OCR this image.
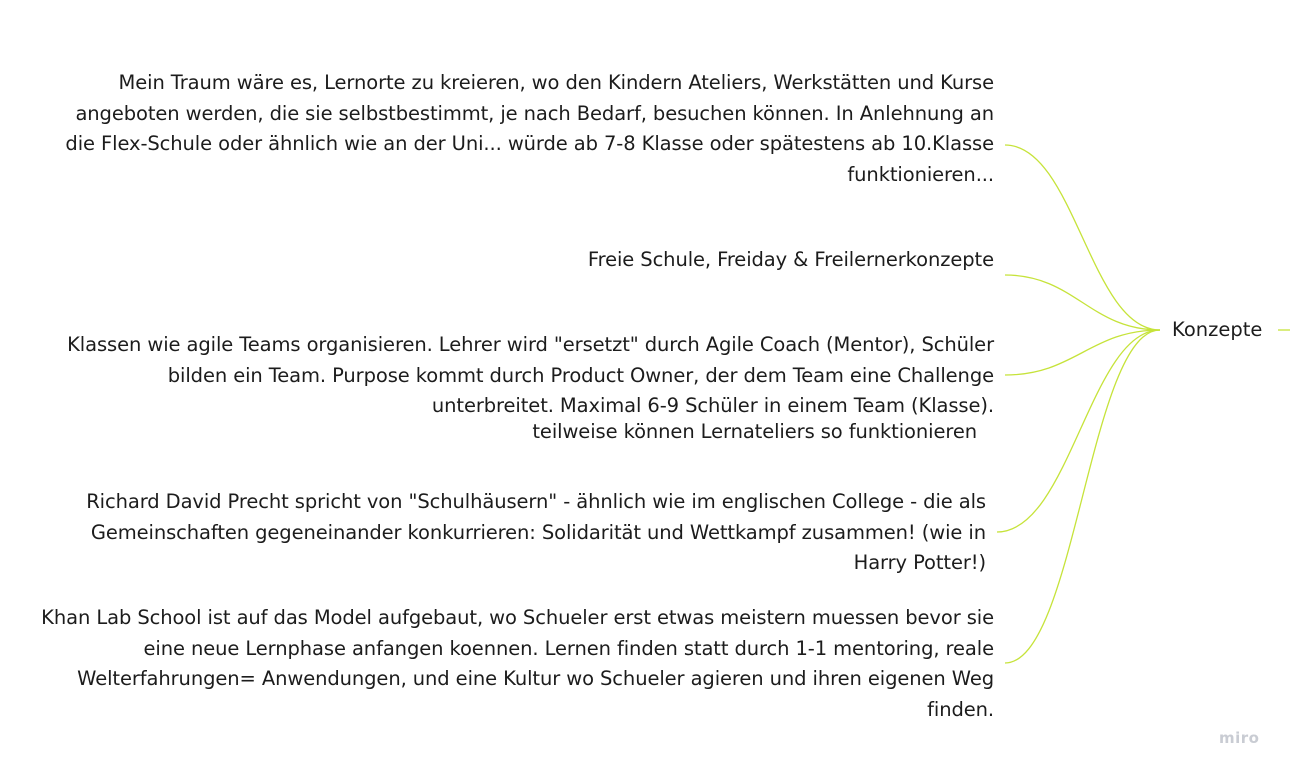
Mein Traum wäre es, Lernorte zu kreieren, wo den Kindern Ateliers, Werkstätten und Kurse angeboten werden, die sie selbstbestimmt, je nach Bedarf, besuchen können. In Anlehnung an die Flex-Schule oder ähnlich wie an der Uni... würde ab 7-8 Klasse oder spätestens ab 10.Klasse funktionieren...
Freie Schule, Freiday & Freilernerkonzepte
Klassen wie agile Teams organisieren. Lehrer wird "ersetzt" durch Agile Coach (Mentor), Schüler bilden ein Team. Purpose kommt durch Product Owner, der dem Team eine Challenge unterbreitet. Maximal 6-9 Schüler in einem Team (Klasse).
teilweise können Lernateliers so funktionieren
Richard David Precht spricht von "Schulhäusern" - ähnlich wie im englischen College - die als Gemeinschaften gegeneinander konkurrieren: Solidarität und Wettkampf zusammen! (wie in Harry Potter!)
Khan Lab School ist auf das Model aufgebaut, wo Schueler erst etwas meistern muessen bevor sie eine neue Lernphase anfangen koennen. Lernen finden statt durch 1-1 mentoring, reale Welterfahrungen= Anwendungen, und eine Kultur wo Schueler agieren und ihren eigenen Weg finden.
Konzepte
miro
